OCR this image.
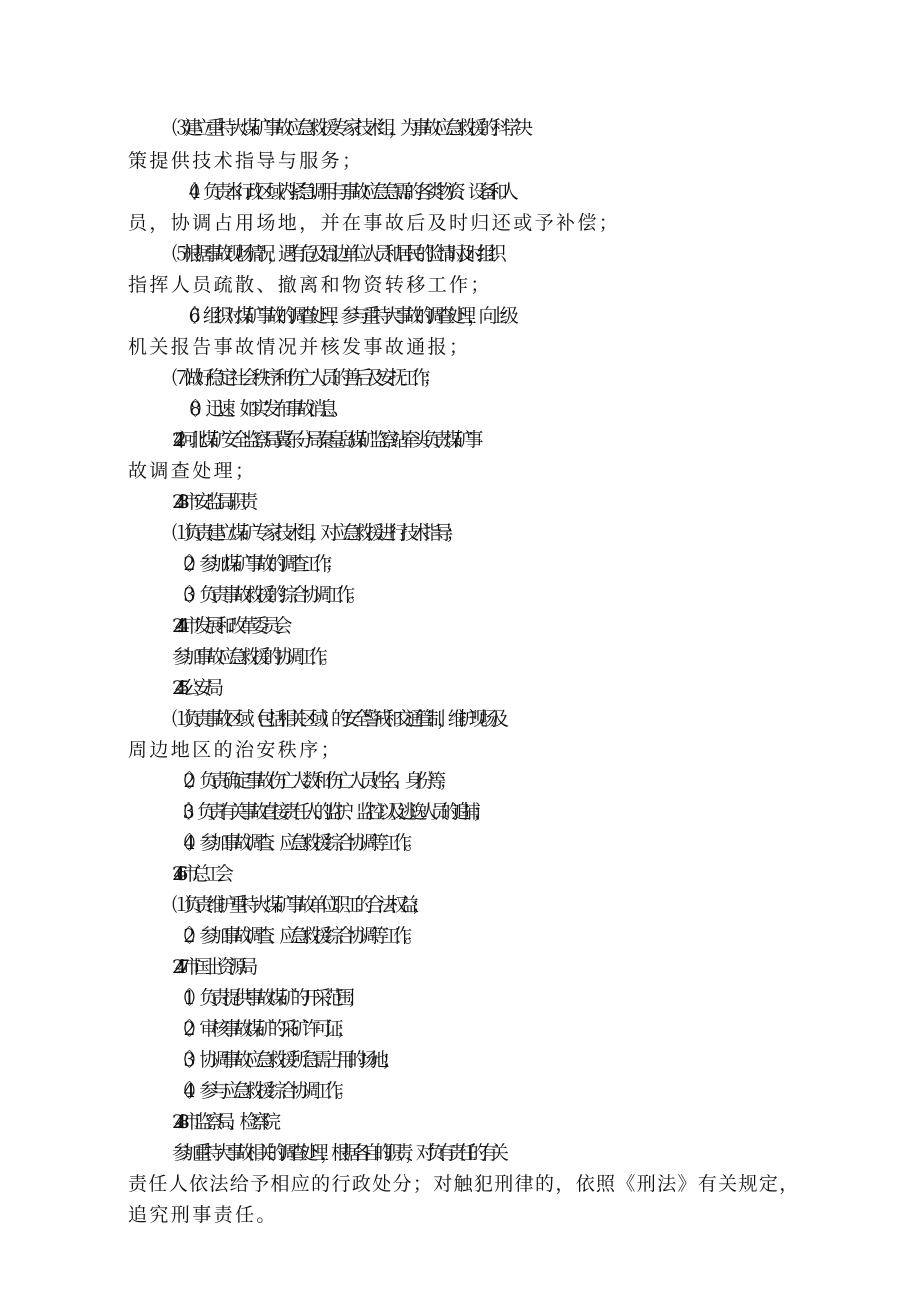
⑶建立重特大煤矿事故应急救援专家技术组，为事故应急救援的科学决
策提供技术指导与服务；
（4）负责本行政区域内紧急调用与事故应急急需的各类物资、设备和人
员，协调占用场地，并在事故后及时归还或予补偿；
⑸根据事故现场情况，遇有危及周边单位人员和居民的险情时,及时组织
指挥人员疏散、撤离和物资转移工作；
（6）组织对煤矿事故的调查处理，参与重特大事故的调查处理，向上级
机关报告事故情况并核发事故通报；
⑺做好稳定社会秩序和伤亡人员的善后及安抚工作；
（8）迅速、如实发布事故消息。
2.4.2河北煤矿安全监察局冀东分局秦皇岛煤矿监察站牵头负责煤矿事
故调查处理；
2.4.3市安监局职责
⑴负责建立煤矿专家技术组，对应急救援进行技术指导；
（2）参加煤矿事故的调查工作；
（3）负责事故救援的综合协调工作。
2.4.4市发展和改革委员会
参加事故应急救援的协调工作。
2.4.5公安局
⑴负责事故区域（包括相关区域）的安全警戒和交通管制，维护现场及
周边地区的治安秩序；
（2）负责确定事故伤亡人数和伤亡人员姓名、身份等；
（3）负责有关事故直接责任人的监护、监控以及逃逸人员的追捕；
（4）参加事故调查、应急救援综合协调等工作。
2. 4.6市总工会
⑴负责维护重特大煤矿事故单位职工的合法权益；
（2）参加事故调查、应急救援综合协调等工作。
2.4.7市国土资源局
（1）负责提供事故煤矿的开采范围；
（2）审核事故煤矿的采矿许可证；
（3）协调事故应急救援所急需占用的场地；
（4）参与应急救援综合协调工作。
2.4.8市监察局、检察院
参加重特大事故相关的调查处理，根据各自的职责，对负有责任的有关
责任人依法给予相应的行政处分；对触犯刑律的，依照《刑法》有关规定，
追究刑事责任。
